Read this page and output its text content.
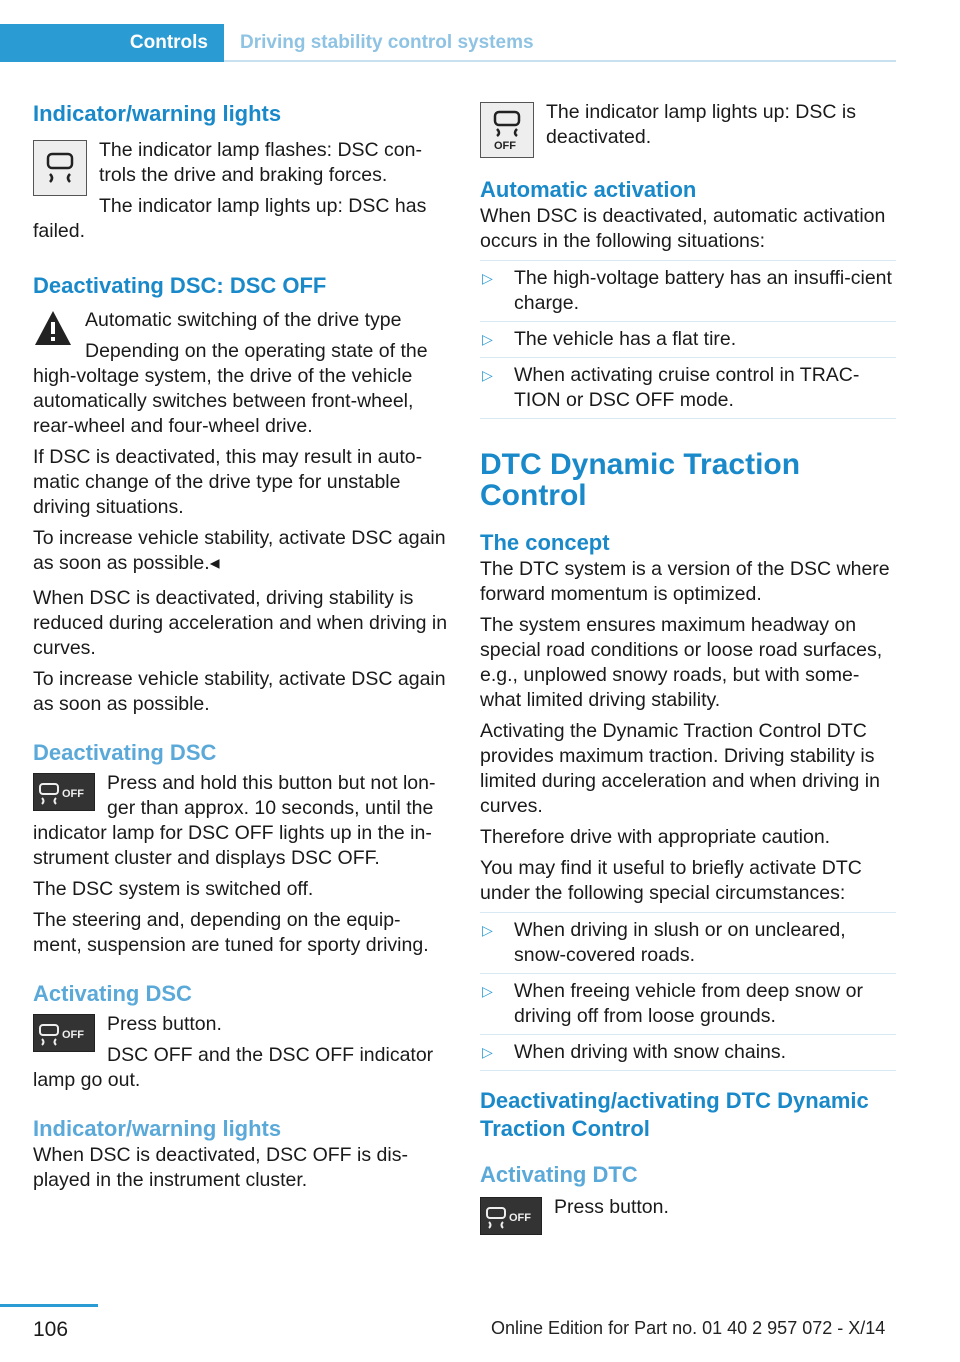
Controls Driving stability control systems
Indicator/warning lights

The indicator lamp flashes: DSC con-trols the drive and braking forces.

The indicator lamp lights up: DSC has failed.

Deactivating DSC: DSC OFF

Automatic switching of the drive type

Depending on the operating state of the high-voltage system, the drive of the vehicle automatically switches between front-wheel, rear-wheel and four-wheel drive.

If DSC is deactivated, this may result in auto-matic change of the drive type for unstable driving situations.

To increase vehicle stability, activate DSC again as soon as possible.◂

When DSC is deactivated, driving stability is reduced during acceleration and when driving in curves.

To increase vehicle stability, activate DSC again as soon as possible.

Deactivating DSC
OFF	Press and hold this button but not lon-ger than approx. 10 seconds, until the indicator lamp for DSC OFF lights up in the in-strument cluster and displays DSC OFF.

The DSC system is switched off.

The steering and, depending on the equip-ment, suspension are tuned for sporty driving.

Activating DSC
OFF	Press button.

DSC OFF and the DSC OFF indicator lamp go out.

Indicator/warning lights

When DSC is deactivated, DSC OFF is dis-played in the instrument cluster.

OFF

The indicator lamp lights up: DSC is deactivated.

Automatic activation

When DSC is deactivated, automatic activation occurs in the following situations:

▷ The high-voltage battery has an insuffi-cient charge.
▷ The vehicle has a flat tire.
▷ When activating cruise control in TRAC-TION or DSC OFF mode.
DTC Dynamic Traction Control
The concept

The DTC system is a version of the DSC where forward momentum is optimized.

The system ensures maximum headway on special road conditions or loose road surfaces, e.g., unplowed snowy roads, but with some-what limited driving stability.

Activating the Dynamic Traction Control DTC provides maximum traction. Driving stability is limited during acceleration and when driving in curves.

Therefore drive with appropriate caution.

You may find it useful to briefly activate DTC under the following special circumstances:

▷ When driving in slush or on uncleared, snow-covered roads.
▷ When freeing vehicle from deep snow or driving off from loose grounds.
▷ When driving with snow chains.
Deactivating/activating DTC Dynamic Traction Control
Activating DTC
OFF	Press button.

106	Online Edition for Part no. 01 40 2 957 072 - X/14
